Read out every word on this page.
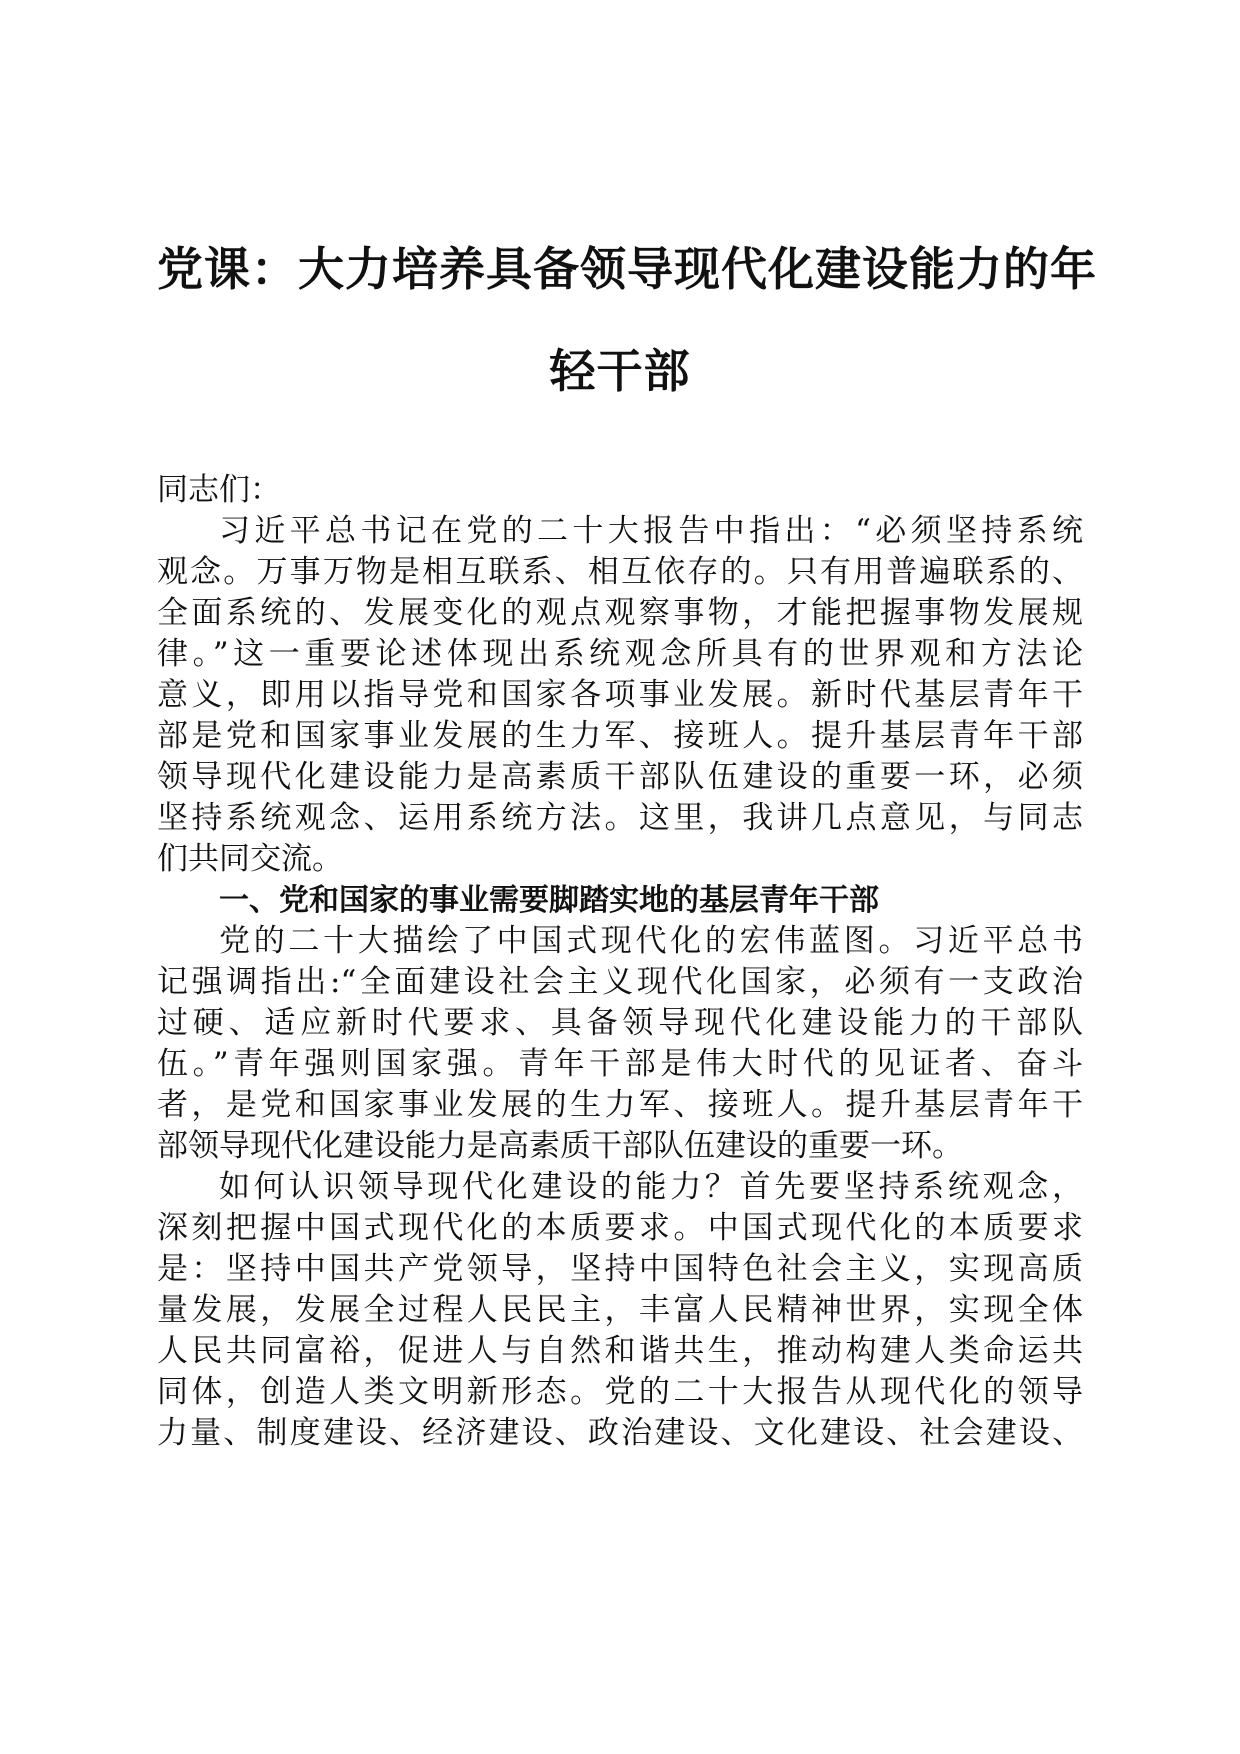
党课：大力培养具备领导现代化建设能力的年
轻干部
同志们：
习近平总书记在党的二十大报告中指出：“必须坚持系统
观念。万事万物是相互联系、相互依存的。只有用普遍联系的、
全面系统的、发展变化的观点观察事物，才能把握事物发展规
律。”这一重要论述体现出系统观念所具有的世界观和方法论
意义，即用以指导党和国家各项事业发展。新时代基层青年干
部是党和国家事业发展的生力军、接班人。提升基层青年干部
领导现代化建设能力是高素质干部队伍建设的重要一环，必须
坚持系统观念、运用系统方法。这里，我讲几点意见，与同志
们共同交流。
一、党和国家的事业需要脚踏实地的基层青年干部
党的二十大描绘了中国式现代化的宏伟蓝图。习近平总书
记强调指出:“全面建设社会主义现代化国家，必须有一支政治
过硬、适应新时代要求、具备领导现代化建设能力的干部队
伍。”青年强则国家强。青年干部是伟大时代的见证者、奋斗
者，是党和国家事业发展的生力军、接班人。提升基层青年干
部领导现代化建设能力是高素质干部队伍建设的重要一环。
如何认识领导现代化建设的能力？首先要坚持系统观念，
深刻把握中国式现代化的本质要求。中国式现代化的本质要求
是：坚持中国共产党领导，坚持中国特色社会主义，实现高质
量发展，发展全过程人民民主，丰富人民精神世界，实现全体
人民共同富裕，促进人与自然和谐共生，推动构建人类命运共
同体，创造人类文明新形态。党的二十大报告从现代化的领导
力量、制度建设、经济建设、政治建设、文化建设、社会建设、
